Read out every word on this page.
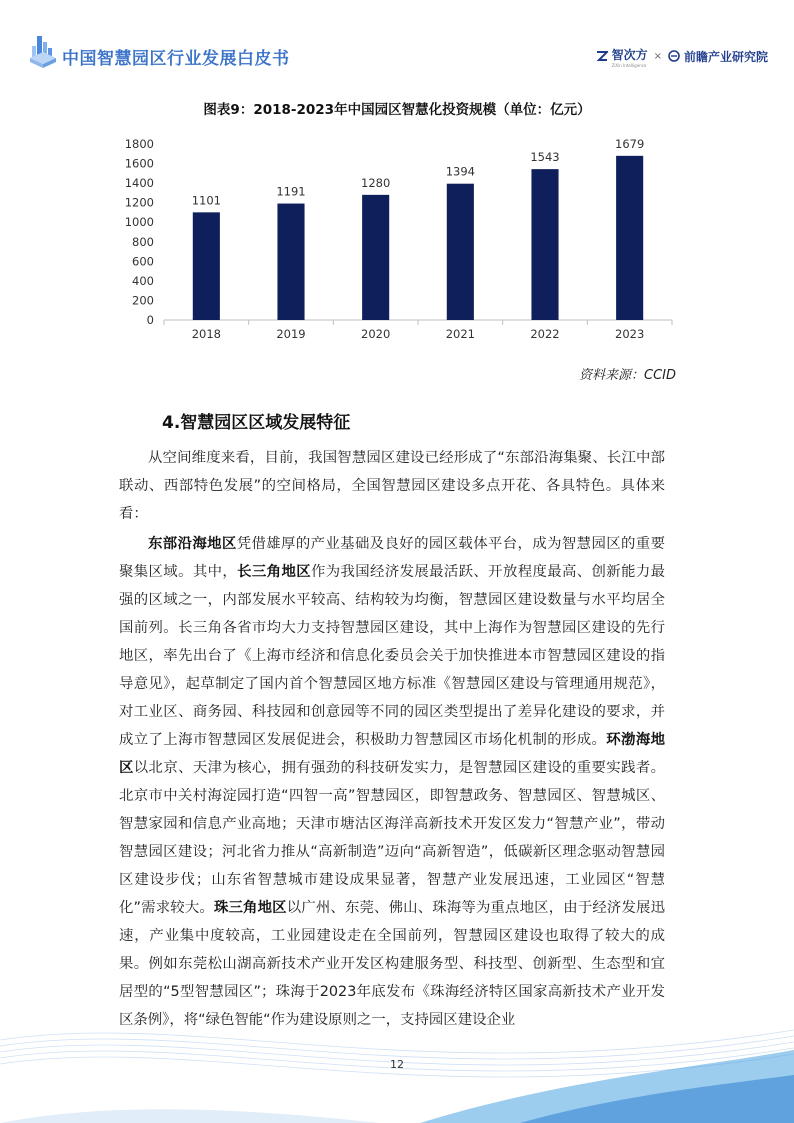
中国智慧园区行业发展白皮书	智次方
ZiXin Intelligence
× 前瞻产业研究院
图表9：2018-2023年中国园区智慧化投资规模（单位：亿元）
0
200
400
600
800
1000
1200
1400
1600
1800
1101
2018
1191
2019
1280
2020
1394
2021
1543
2022
1679
2023
资料来源：CCID
4.智慧园区区域发展特征

从空间维度来看，目前，我国智慧园区建设已经形成了“东部沿海集聚、长江中部联动、西部特色发展”的空间格局，全国智慧园区建设多点开花、各具特色。具体来看：

东部沿海地区凭借雄厚的产业基础及良好的园区载体平台，成为智慧园区的重要聚集区域。其中，长三角地区作为我国经济发展最活跃、开放程度最高、创新能力最强的区域之一，内部发展水平较高、结构较为均衡，智慧园区建设数量与水平均居全国前列。长三角各省市均大力支持智慧园区建设，其中上海作为智慧园区建设的先行地区，率先出台了《上海市经济和信息化委员会关于加快推进本市智慧园区建设的指导意见》，起草制定了国内首个智慧园区地方标准《智慧园区建设与管理通用规范》，对工业区、商务园、科技园和创意园等不同的园区类型提出了差异化建设的要求，并成立了上海市智慧园区发展促进会，积极助力智慧园区市场化机制的形成。环渤海地区以北京、天津为核心，拥有强劲的科技研发实力，是智慧园区建设的重要实践者。北京市中关村海淀园打造“四智一高”智慧园区，即智慧政务、智慧园区、智慧城区、智慧家园和信息产业高地；天津市塘沽区海洋高新技术开发区发力“智慧产业”，带动智慧园区建设；河北省力推从“高新制造”迈向“高新智造”，低碳新区理念驱动智慧园区建设步伐；山东省智慧城市建设成果显著，智慧产业发展迅速，工业园区“智慧化”需求较大。珠三角地区以广州、东莞、佛山、珠海等为重点地区，由于经济发展迅速，产业集中度较高，工业园建设走在全国前列，智慧园区建设也取得了较大的成果。例如东莞松山湖高新技术产业开发区构建服务型、科技型、创新型、生态型和宜居型的“5型智慧园区”；珠海于2023年底发布《珠海经济特区国家高新技术产业开发区条例》，将“绿色智能“作为建设原则之一，支持园区建设企业

12
